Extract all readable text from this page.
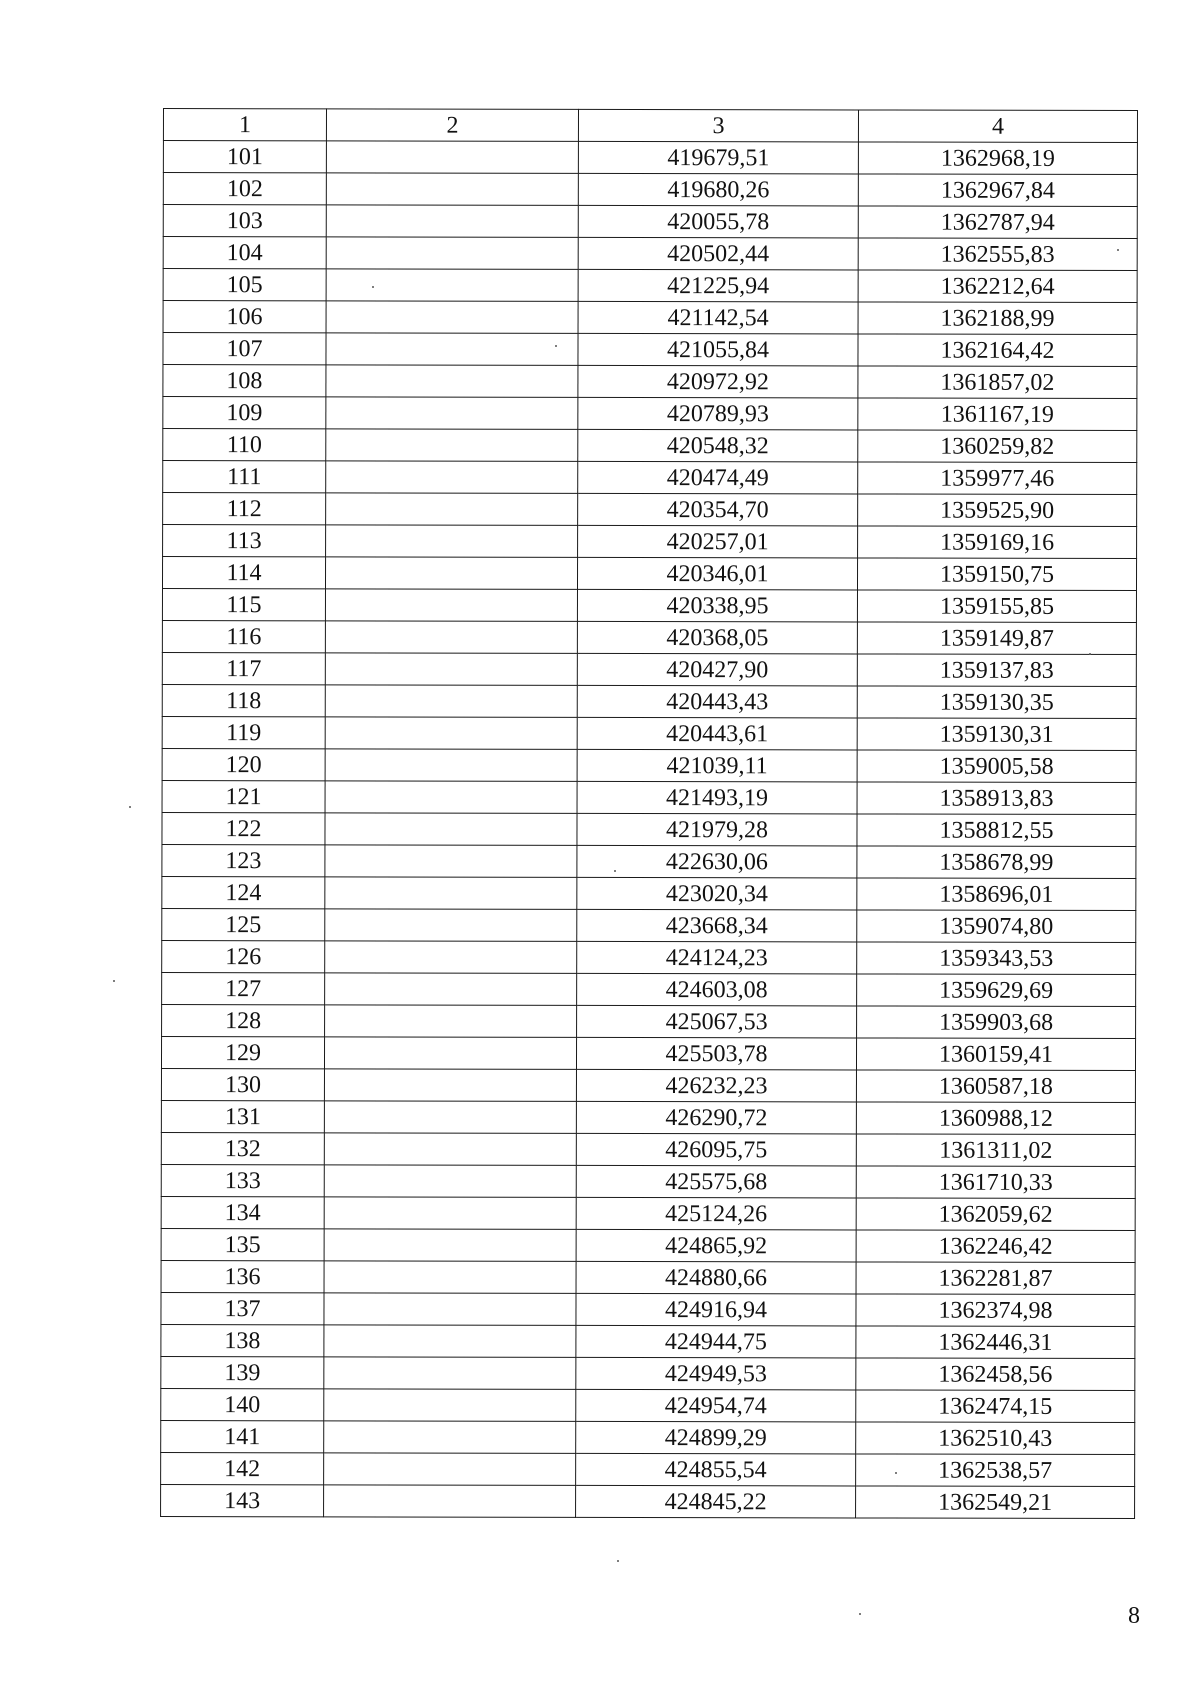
1	2	3	4
101		419679,51	1362968,19
102		419680,26	1362967,84
103		420055,78	1362787,94
104		420502,44	1362555,83
105		421225,94	1362212,64
106		421142,54	1362188,99
107		421055,84	1362164,42
108		420972,92	1361857,02
109		420789,93	1361167,19
110		420548,32	1360259,82
111		420474,49	1359977,46
112		420354,70	1359525,90
113		420257,01	1359169,16
114		420346,01	1359150,75
115		420338,95	1359155,85
116		420368,05	1359149,87
117		420427,90	1359137,83
118		420443,43	1359130,35
119		420443,61	1359130,31
120		421039,11	1359005,58
121		421493,19	1358913,83
122		421979,28	1358812,55
123		422630,06	1358678,99
124		423020,34	1358696,01
125		423668,34	1359074,80
126		424124,23	1359343,53
127		424603,08	1359629,69
128		425067,53	1359903,68
129		425503,78	1360159,41
130		426232,23	1360587,18
131		426290,72	1360988,12
132		426095,75	1361311,02
133		425575,68	1361710,33
134		425124,26	1362059,62
135		424865,92	1362246,42
136		424880,66	1362281,87
137		424916,94	1362374,98
138		424944,75	1362446,31
139		424949,53	1362458,56
140		424954,74	1362474,15
141		424899,29	1362510,43
142		424855,54	1362538,57
143		424845,22	1362549,21
8
